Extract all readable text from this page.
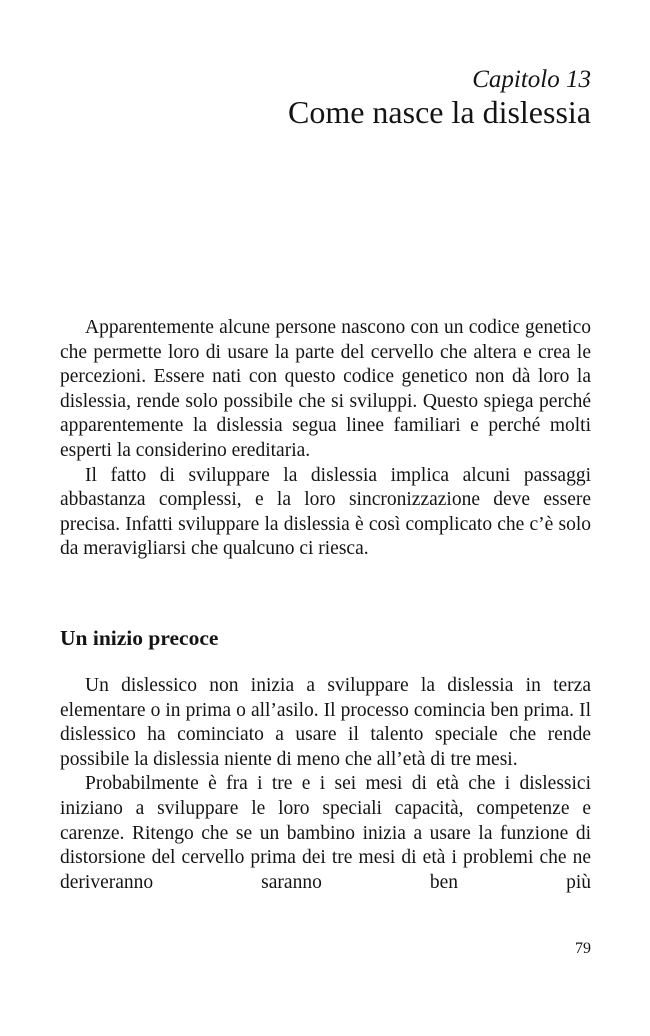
Capitolo 13
Come nasce la dislessia

Apparentemente alcune persone nascono con un codice genetico che permette loro di usare la parte del cervello che altera e crea le percezioni. Essere nati con questo codice genetico non dà loro la dislessia, rende solo possibile che si sviluppi. Questo spiega perché apparentemente la dislessia segua linee familiari e perché molti esperti la considerino ereditaria.

Il fatto di sviluppare la dislessia implica alcuni passaggi abbastanza complessi, e la loro sincronizzazione deve essere precisa. Infatti sviluppare la dislessia è così complicato che c’è solo da meravigliarsi che qualcuno ci riesca.

Un inizio precoce

Un dislessico non inizia a sviluppare la dislessia in terza elementare o in prima o all’asilo. Il processo comincia ben prima. Il dislessico ha cominciato a usare il talento speciale che rende possibile la dislessia niente di meno che all’età di tre mesi.

Probabilmente è fra i tre e i sei mesi di età che i dislessici iniziano a sviluppare le loro speciali capacità, competenze e carenze. Ritengo che se un bambino inizia a usare la funzione di distorsione del cervello prima dei tre mesi di età i problemi che ne deriveranno saranno ben più

79
